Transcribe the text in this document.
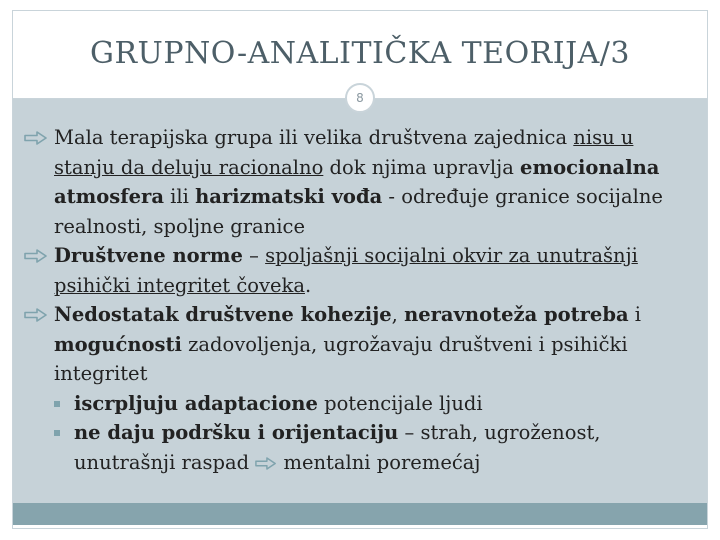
GRUPNO-ANALITIČKA TEORIJA/3
8
Mala terapijska grupa ili velika društvena zajednica nisu u stanju da deluju racionalno dok njima upravlja emocionalna atmosfera ili harizmatski vođa - određuje granice socijalne realnosti, spoljne granice
Društvene norme – spoljašnji socijalni okvir za unutrašnji psihički integritet čoveka.
Nedostatak društvene kohezije, neravnoteža potreba i mogućnosti zadovoljenja, ugrožavaju društveni i psihički integritet
iscrpljuju adaptacione potencijale ljudi
ne daju podršku i orijentaciju – strah, ugroženost, unutrašnji raspad  mentalni poremećaj
